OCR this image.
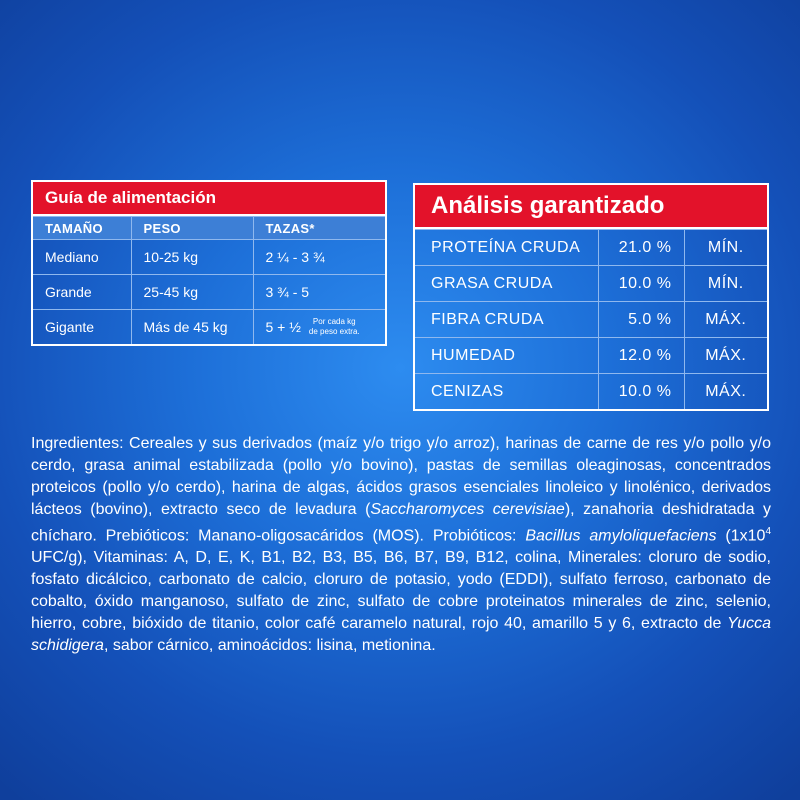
Guía de alimentación
TAMAÑO	PESO	TAZAS*
Mediano	10-25 kg	2 ¼ - 3 ¾
Grande	25-45 kg	3 ¾ - 5
Gigante	Más de 45 kg	5 + ½ Por cada kg
de peso extra.
Análisis garantizado
PROTEÍNA CRUDA	21.0 %	MÍN.
GRASA CRUDA	10.0 %	MÍN.
FIBRA CRUDA	5.0 %	MÁX.
HUMEDAD	12.0 %	MÁX.
CENIZAS	10.0 %	MÁX.
Ingredientes: Cereales y sus derivados (maíz y/o trigo y/o arroz), harinas de carne de res y/o pollo y/o cerdo, grasa animal estabilizada (pollo y/o bovino), pastas de semillas oleaginosas, concentrados proteicos (pollo y/o cerdo), harina de algas, ácidos grasos esenciales linoleico y linolénico, derivados lácteos (bovino), extracto seco de levadura (Saccharomyces cerevisiae), zanahoria deshidratada y chícharo. Prebióticos: Manano-oligosacáridos (MOS). Probióticos: Bacillus amyloliquefaciens ($1x10^4$ UFC/g), Vitaminas: A, D, E, K, B1, B2, B3, B5, B6, B7, B9, B12, colina, Minerales: cloruro de sodio, fosfato dicálcico, carbonato de calcio, cloruro de potasio, yodo (EDDI), sulfato ferroso, carbonato de cobalto, óxido manganoso, sulfato de zinc, sulfato de cobre proteinatos minerales de zinc, selenio, hierro, cobre, bióxido de titanio, color café caramelo natural, rojo 40, amarillo 5 y 6, extracto de Yucca schidigera, sabor cárnico, aminoácidos: lisina, metionina.
